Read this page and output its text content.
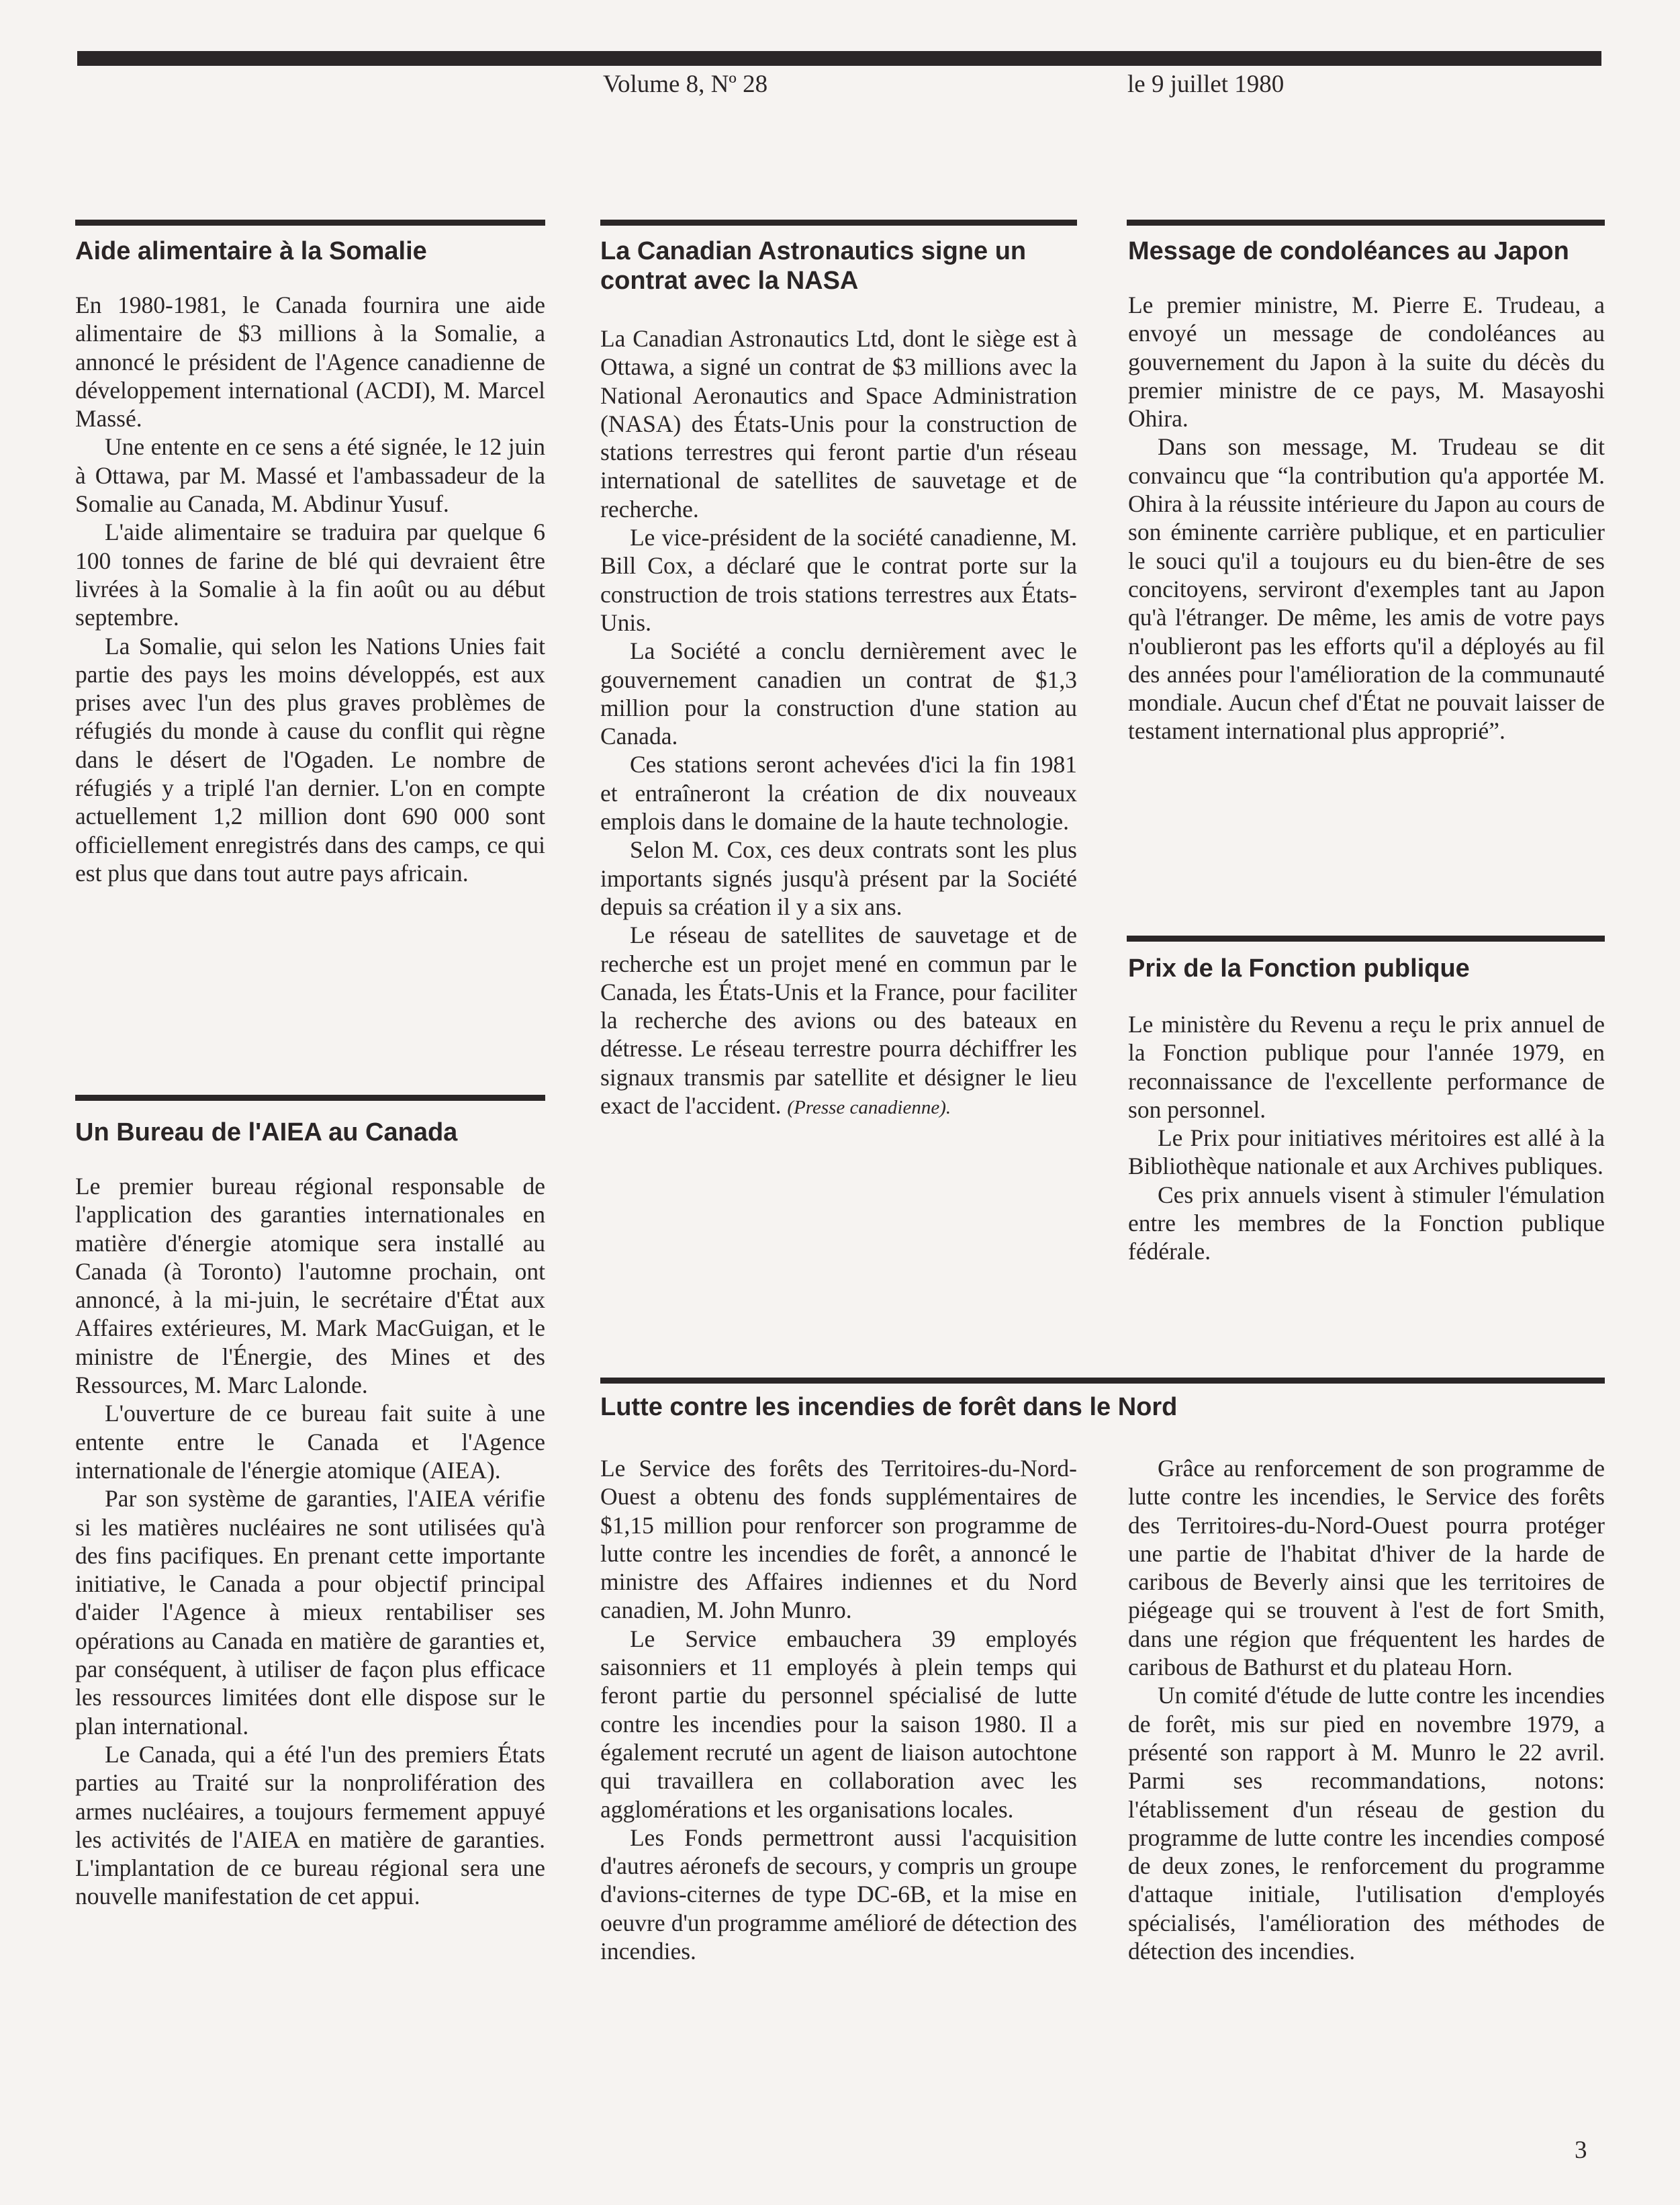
Volume 8, Nº 28	le 9 juillet 1980
Aide alimentaire à la Somalie

En 1980-1981, le Canada fournira une aide alimentaire de $3 millions à la Somalie, a annoncé le président de l'Agence canadienne de développement international (ACDI), M. Marcel Massé.

Une entente en ce sens a été signée, le 12 juin à Ottawa, par M. Massé et l'ambassadeur de la Somalie au Canada, M. Abdinur Yusuf.

L'aide alimentaire se traduira par quelque 6 100 tonnes de farine de blé qui devraient être livrées à la Somalie à la fin août ou au début septembre.

La Somalie, qui selon les Nations Unies fait partie des pays les moins développés, est aux prises avec l'un des plus graves problèmes de réfugiés du monde à cause du conflit qui règne dans le désert de l'Ogaden. Le nombre de réfugiés y a triplé l'an dernier. L'on en compte actuellement 1,2 million dont 690 000 sont officiellement enregistrés dans des camps, ce qui est plus que dans tout autre pays africain.

Un Bureau de l'AIEA au Canada

Le premier bureau régional responsable de l'application des garanties internationales en matière d'énergie atomique sera installé au Canada (à Toronto) l'automne prochain, ont annoncé, à la mi-juin, le secrétaire d'État aux Affaires extérieures, M. Mark MacGuigan, et le ministre de l'Énergie, des Mines et des Ressources, M. Marc Lalonde.

L'ouverture de ce bureau fait suite à une entente entre le Canada et l'Agence internationale de l'énergie atomique (AIEA).

Par son système de garanties, l'AIEA vérifie si les matières nucléaires ne sont utilisées qu'à des fins pacifiques. En prenant cette importante initiative, le Canada a pour objectif principal d'aider l'Agence à mieux rentabiliser ses opérations au Canada en matière de garanties et, par conséquent, à utiliser de façon plus efficace les ressources limitées dont elle dispose sur le plan international.

Le Canada, qui a été l'un des premiers États parties au Traité sur la nonprolifération des armes nucléaires, a toujours fermement appuyé les activités de l'AIEA en matière de garanties. L'implantation de ce bureau régional sera une nouvelle manifestation de cet appui.

La Canadian Astronautics signe un contrat avec la NASA

La Canadian Astronautics Ltd, dont le siège est à Ottawa, a signé un contrat de $3 millions avec la National Aeronautics and Space Administration (NASA) des États-Unis pour la construction de stations terrestres qui feront partie d'un réseau international de satellites de sauvetage et de recherche.

Le vice-président de la société canadienne, M. Bill Cox, a déclaré que le contrat porte sur la construction de trois stations terrestres aux États-Unis.

La Société a conclu dernièrement avec le gouvernement canadien un contrat de $1,3 million pour la construction d'une station au Canada.

Ces stations seront achevées d'ici la fin 1981 et entraîneront la création de dix nouveaux emplois dans le domaine de la haute technologie.

Selon M. Cox, ces deux contrats sont les plus importants signés jusqu'à présent par la Société depuis sa création il y a six ans.

Le réseau de satellites de sauvetage et de recherche est un projet mené en commun par le Canada, les États-Unis et la France, pour faciliter la recherche des avions ou des bateaux en détresse. Le réseau terrestre pourra déchiffrer les signaux transmis par satellite et désigner le lieu exact de l'accident. (Presse canadienne).

Message de condoléances au Japon

Le premier ministre, M. Pierre E. Trudeau, a envoyé un message de condoléances au gouvernement du Japon à la suite du décès du premier ministre de ce pays, M. Masayoshi Ohira.

Dans son message, M. Trudeau se dit convaincu que “la contribution qu'a apportée M. Ohira à la réussite intérieure du Japon au cours de son éminente carrière publique, et en particulier le souci qu'il a toujours eu du bien-être de ses concitoyens, serviront d'exemples tant au Japon qu'à l'étranger. De même, les amis de votre pays n'oublieront pas les efforts qu'il a déployés au fil des années pour l'amélioration de la communauté mondiale. Aucun chef d'État ne pouvait laisser de testament international plus approprié”.

Prix de la Fonction publique

Le ministère du Revenu a reçu le prix annuel de la Fonction publique pour l'année 1979, en reconnaissance de l'excellente performance de son personnel.

Le Prix pour initiatives méritoires est allé à la Bibliothèque nationale et aux Archives publiques.

Ces prix annuels visent à stimuler l'émulation entre les membres de la Fonction publique fédérale.

Lutte contre les incendies de forêt dans le Nord

Le Service des forêts des Territoires-du-Nord-Ouest a obtenu des fonds supplémentaires de $1,15 million pour renforcer son programme de lutte contre les incendies de forêt, a annoncé le ministre des Affaires indiennes et du Nord canadien, M. John Munro.

Le Service embauchera 39 employés saisonniers et 11 employés à plein temps qui feront partie du personnel spécialisé de lutte contre les incendies pour la saison 1980. Il a également recruté un agent de liaison autochtone qui travaillera en collaboration avec les agglomérations et les organisations locales.

Les Fonds permettront aussi l'acquisition d'autres aéronefs de secours, y compris un groupe d'avions-citernes de type DC-6B, et la mise en oeuvre d'un programme amélioré de détection des incendies.

Grâce au renforcement de son programme de lutte contre les incendies, le Service des forêts des Territoires-du-Nord-Ouest pourra protéger une partie de l'habitat d'hiver de la harde de caribous de Beverly ainsi que les territoires de piégeage qui se trouvent à l'est de fort Smith, dans une région que fréquentent les hardes de caribous de Bathurst et du plateau Horn.

Un comité d'étude de lutte contre les incendies de forêt, mis sur pied en novembre 1979, a présenté son rapport à M. Munro le 22 avril. Parmi ses recommandations, notons: l'établissement d'un réseau de gestion du programme de lutte contre les incendies composé de deux zones, le renforcement du programme d'attaque initiale, l'utilisation d'employés spécialisés, l'amélioration des méthodes de détection des incendies.

3
